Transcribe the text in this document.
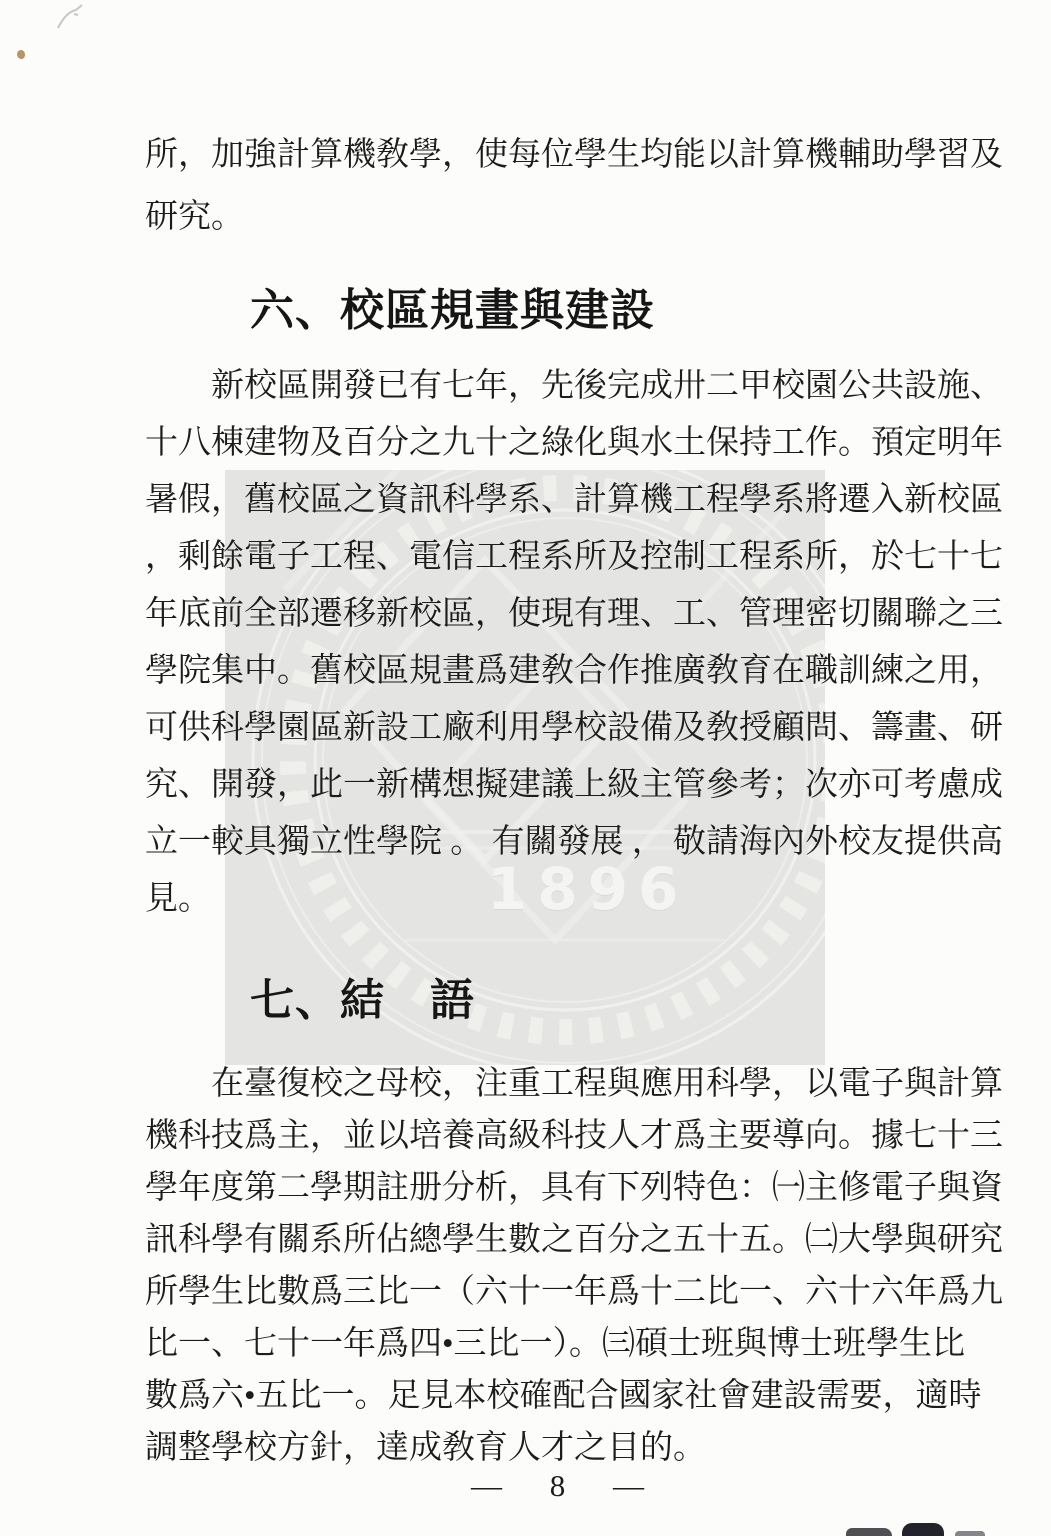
1896
所，加強計算機敎學，使每位學生均能以計算機輔助學習及
研究。
六、校區規畫與建設
新校區開發已有七年，先後完成卅二甲校園公共設施、
十八棟建物及百分之九十之綠化與水土保持工作。預定明年
暑假，舊校區之資訊科學系、計算機工程學系將遷入新校區
，剩餘電子工程、電信工程系所及控制工程系所，於七十七
年底前全部遷移新校區，使現有理、工、管理密切關聯之三
學院集中。舊校區規畫爲建敎合作推廣敎育在職訓練之用，
可供科學園區新設工廠利用學校設備及敎授顧問、籌畫、研
究、開發，此一新構想擬建議上級主管參考；次亦可考慮成
立一較具獨立性學院 。 有關發展 ， 敬請海內外校友提供高
見。
七、結　語
在臺復校之母校，注重工程與應用科學，以電子與計算
機科技爲主，並以培養高級科技人才爲主要導向。據七十三
學年度第二學期註册分析，具有下列特色：㈠主修電子與資
訊科學有關系所佔總學生數之百分之五十五。㈡大學與研究
所學生比數爲三比一（六十一年爲十二比一、六十六年爲九
比一、七十一年爲四•三比一）。㈢碩士班與博士班學生比
數爲六•五比一。足見本校確配合國家社會建設需要，適時
調整學校方針，達成敎育人才之目的。
— 8 —
